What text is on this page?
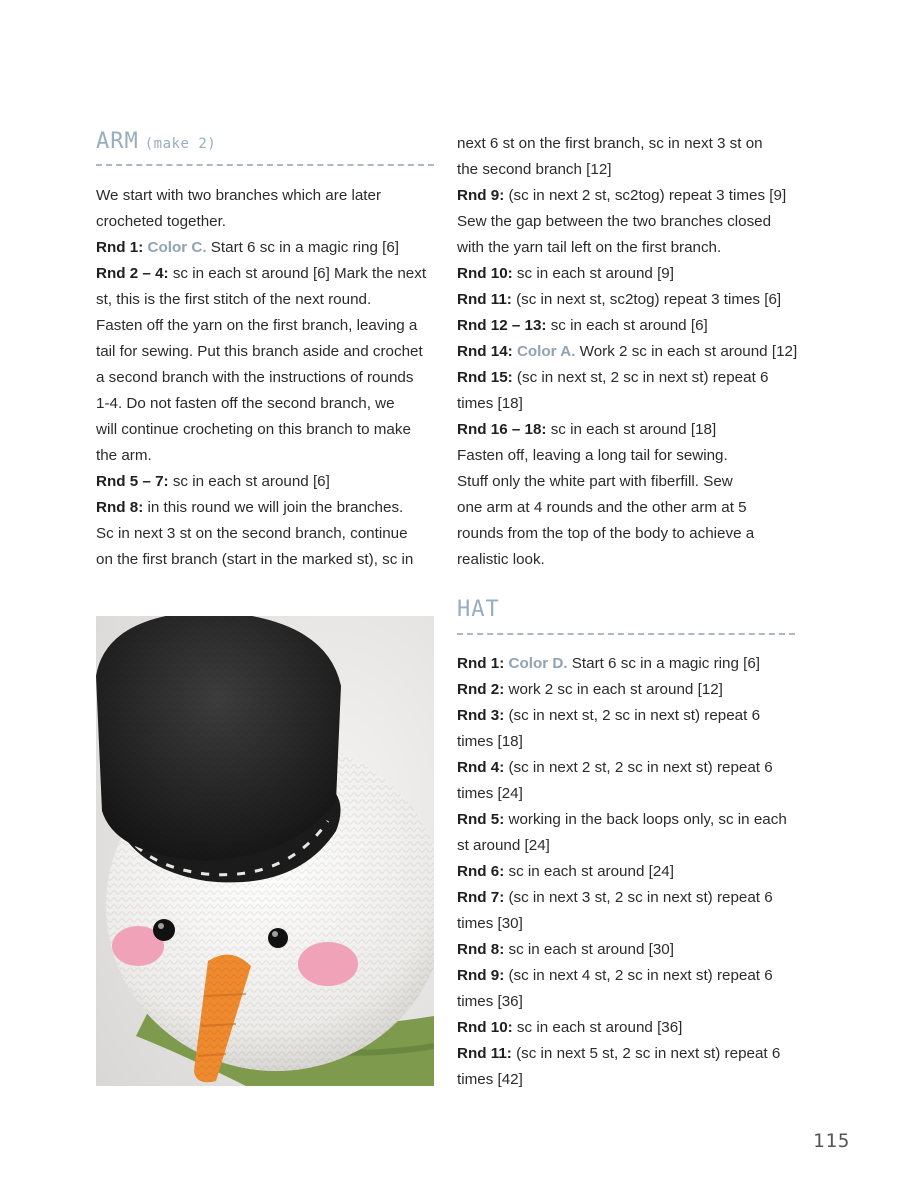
ARM (make 2)
We start with two branches which are later
crocheted together.
Rnd 1: Color C. Start 6 sc in a magic ring [6]
Rnd 2 – 4: sc in each st around [6] Mark the next
st, this is the first stitch of the next round.
Fasten off the yarn on the first branch, leaving a
tail for sewing. Put this branch aside and crochet
a second branch with the instructions of rounds
1-4. Do not fasten off the second branch, we
will continue crocheting on this branch to make
the arm.
Rnd 5 – 7: sc in each st around [6]
Rnd 8: in this round we will join the branches.
Sc in next 3 st on the second branch, continue
on the first branch (start in the marked st), sc in
next 6 st on the first branch, sc in next 3 st on
the second branch [12]
Rnd 9: (sc in next 2 st, sc2tog) repeat 3 times [9]
Sew the gap between the two branches closed
with the yarn tail left on the first branch.
Rnd 10: sc in each st around [9]
Rnd 11: (sc in next st, sc2tog) repeat 3 times [6]
Rnd 12 – 13: sc in each st around [6]
Rnd 14: Color A. Work 2 sc in each st around [12]
Rnd 15: (sc in next st, 2 sc in next st) repeat 6
times [18]
Rnd 16 – 18: sc in each st around [18]
Fasten off, leaving a long tail for sewing.
Stuff only the white part with fiberfill. Sew
one arm at 4 rounds and the other arm at 5
rounds from the top of the body to achieve a
realistic look.
HAT
Rnd 1: Color D. Start 6 sc in a magic ring [6]
Rnd 2: work 2 sc in each st around [12]
Rnd 3: (sc in next st, 2 sc in next st) repeat 6
times [18]
Rnd 4: (sc in next 2 st, 2 sc in next st) repeat 6
times [24]
Rnd 5: working in the back loops only, sc in each
st around [24]
Rnd 6: sc in each st around [24]
Rnd 7: (sc in next 3 st, 2 sc in next st) repeat 6
times [30]
Rnd 8: sc in each st around [30]
Rnd 9: (sc in next 4 st, 2 sc in next st) repeat 6
times [36]
Rnd 10: sc in each st around [36]
Rnd 11: (sc in next 5 st, 2 sc in next st) repeat 6
times [42]
115
